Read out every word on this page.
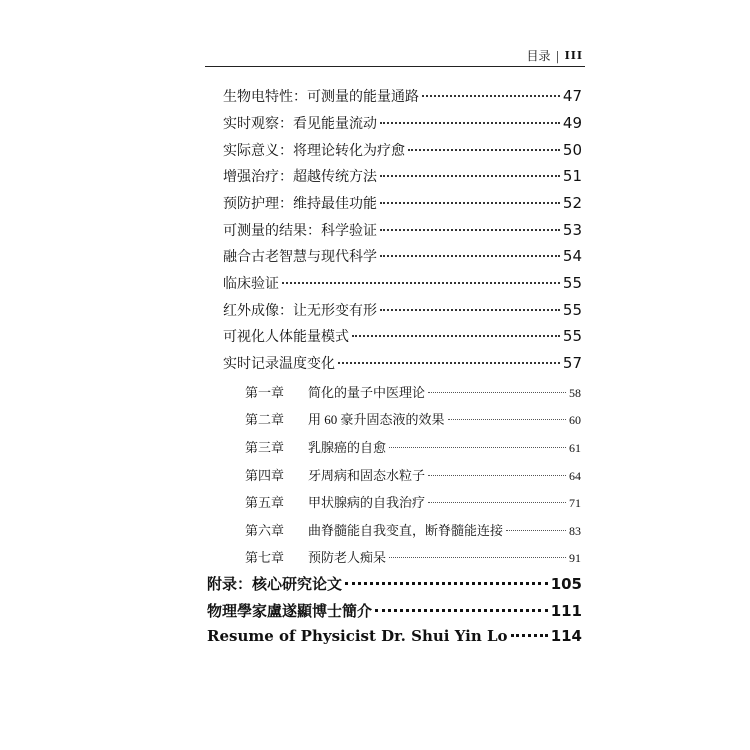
目录 | III
生物电特性：可测量的能量通路	47
实时观察：看见能量流动	49
实际意义：将理论转化为疗愈	50
增强治疗：超越传统方法	51
预防护理：维持最佳功能	52
可测量的结果：科学验证	53
融合古老智慧与现代科学	54
临床验证	55
红外成像：让无形变有形	55
可视化人体能量模式	55
实时记录温度变化	57
第一章	简化的量子中医理论	58
第二章	用 60 豪升固态液的效果	60
第三章	乳腺癌的自愈	61
第四章	牙周病和固态水粒子	64
第五章	甲状腺病的自我治疗	71
第六章	曲脊髓能自我变直，断脊髓能连接	83
第七章	预防老人痴呆	91
附录：核心研究论文	105
物理學家盧遂顯博士簡介	111
Resume of Physicist Dr. Shui Yin Lo	114
